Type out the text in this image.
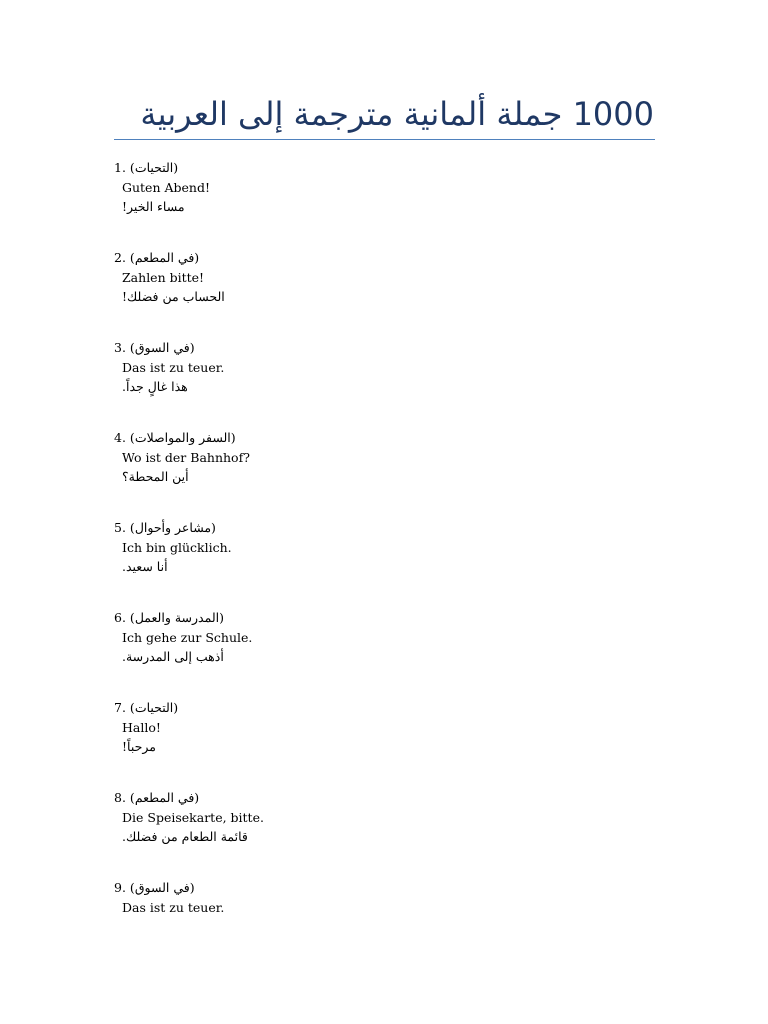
1000 جملة ألمانية مترجمة إلى العربية
1. (التحيات)
Guten Abend!
مساء الخير!
2. (في المطعم)
Zahlen bitte!
الحساب من فضلك!
3. (في السوق)
Das ist zu teuer.
هذا غالٍ جداً.
4. (السفر والمواصلات)
Wo ist der Bahnhof?
أين المحطة؟
5. (مشاعر وأحوال)
Ich bin glücklich.
أنا سعيد.
6. (المدرسة والعمل)
Ich gehe zur Schule.
أذهب إلى المدرسة.
7. (التحيات)
Hallo!
مرحباً!
8. (في المطعم)
Die Speisekarte, bitte.
قائمة الطعام من فضلك.
9. (في السوق)
Das ist zu teuer.
